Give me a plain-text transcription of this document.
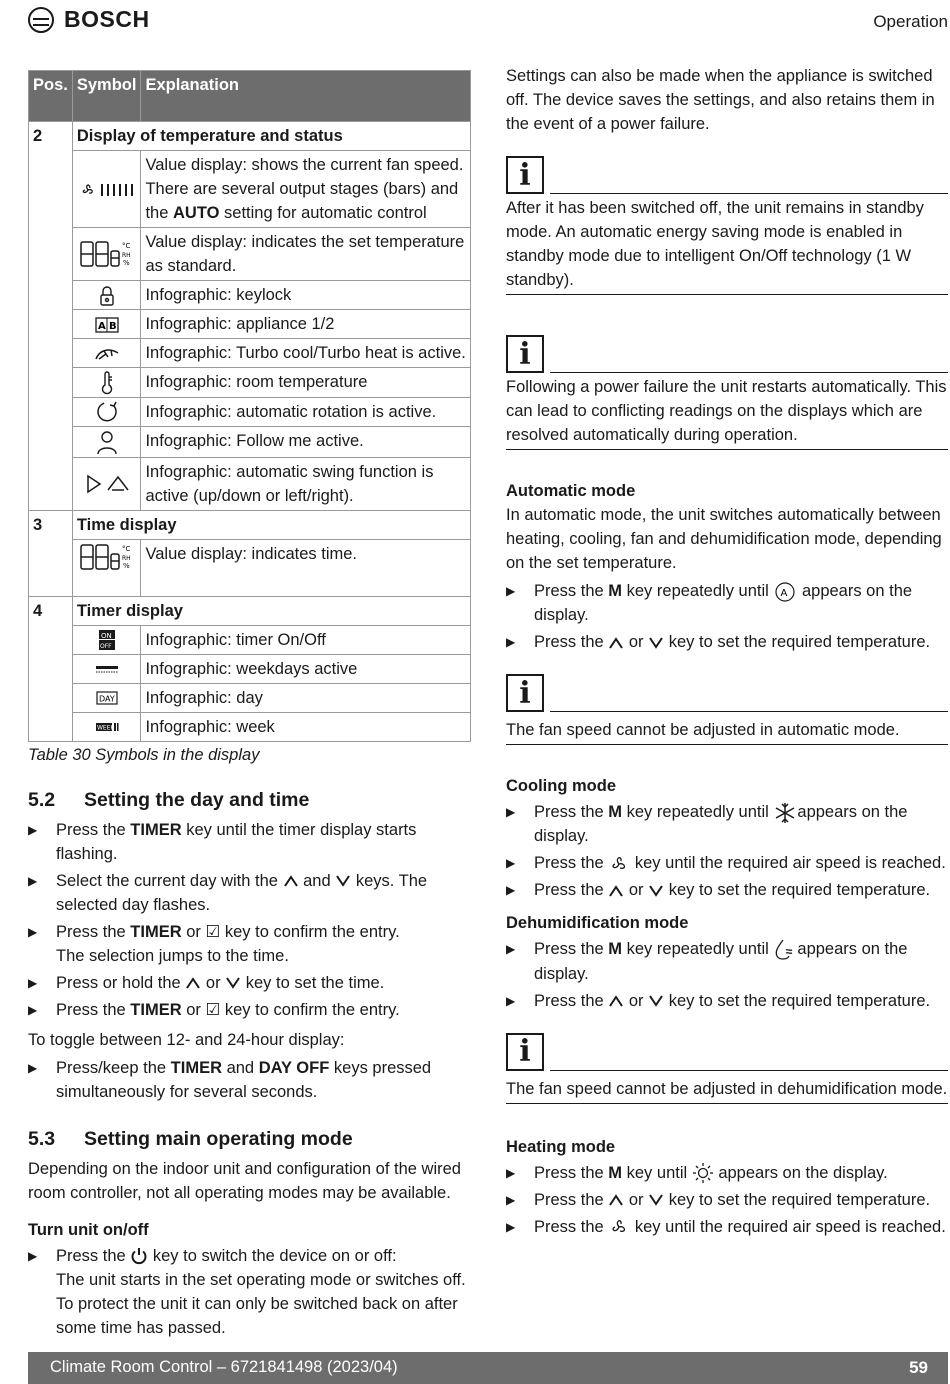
BOSCH	Operation
Pos.	Symbol	Explanation
2	Display of temperature and status	
	Value display: shows the current fan speed. There are several output stages (bars) and the AUTO setting for automatic control

°C
RH
%	Value display: indicates the set temperature as standard.
	Infographic: keylock

A B	Infographic: appliance 1/2
	Infographic: Turbo cool/Turbo heat is active.
	Infographic: room temperature
	Infographic: automatic rotation is active.
	Infographic: Follow me active.
	Infographic: automatic swing function is active (up/down or left/right).
3	Time display	

°C
RH
%	Value display: indicates time.
4	Timer display	

ON
OFF	Infographic: timer On/Off
	Infographic: weekdays active

DAY	Infographic: day

WEEK	Infographic: week
Table 30 Symbols in the display
5.2 Setting the day and time
▶ Press the TIMER key until the timer display starts flashing.
▶ Select the current day with the  and  keys. The selected day flashes.
▶ Press the TIMER or ☑ key to confirm the entry.
The selection jumps to the time.
▶ Press or hold the  or  key to set the time.
▶ Press the TIMER or ☑ key to confirm the entry.

To toggle between 12- and 24-hour display:

▶ Press/keep the TIMER and DAY OFF keys pressed simultaneously for several seconds.
5.3 Setting main operating mode

Depending on the indoor unit and configuration of the wired room controller, not all operating modes may be available.

Turn unit on/off
▶ Press the  key to switch the device on or off:
The unit starts in the set operating mode or switches off. To protect the unit it can only be switched back on after some time has passed.

Settings can also be made when the appliance is switched off. The device saves the settings, and also retains them in the event of a power failure.

i
After it has been switched off, the unit remains in standby mode. An automatic energy saving mode is enabled in standby mode due to intelligent On/Off technology (1 W standby).
i
Following a power failure the unit restarts automatically. This can lead to conflicting readings on the displays which are resolved automatically during operation.
Automatic mode

In automatic mode, the unit switches automatically between heating, cooling, fan and dehumidification mode, depending on the set temperature.

▶ Press the M key repeatedly until A appears on the display.
▶ Press the  or  key to set the required temperature.
i
The fan speed cannot be adjusted in automatic mode.
Cooling mode
▶ Press the M key repeatedly until appears on the display.
▶ Press the  key until the required air speed is reached.
▶ Press the  or  key to set the required temperature.
Dehumidification mode
▶ Press the M key repeatedly until appears on the display.
▶ Press the  or  key to set the required temperature.
i
The fan speed cannot be adjusted in dehumidification mode.
Heating mode
▶ Press the M key until  appears on the display.
▶ Press the  or  key to set the required temperature.
▶ Press the  key until the required air speed is reached.
Climate Room Control – 6721841498 (2023/04)	59
